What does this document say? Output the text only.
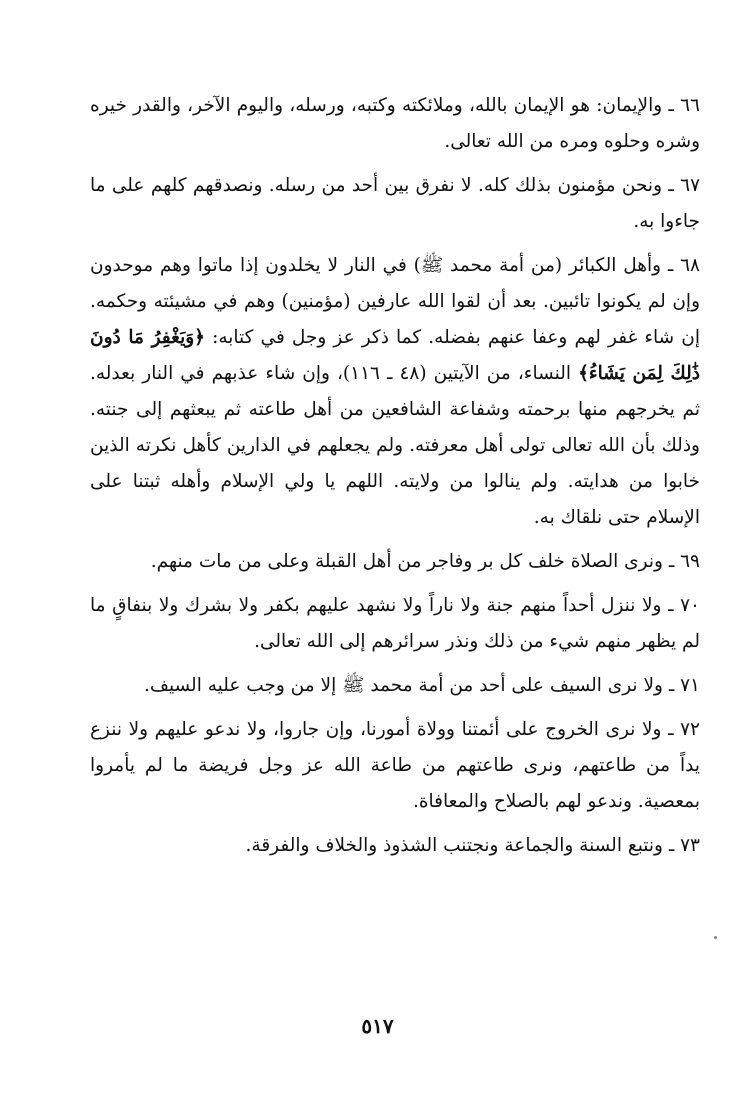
٦٦ ـ والإيمان: هو الإيمان بالله، وملائكته وكتبه، ورسله، واليوم الآخر، والقدر خيره وشره وحلوه ومره من الله تعالى.

٦٧ ـ ونحن مؤمنون بذلك كله. لا نفرق بين أحد من رسله. ونصدقهم كلهم على ما جاءوا به.

٦٨ ـ وأهل الكبائر (من أمة محمد ﷺ) في النار لا يخلدون إذا ماتوا وهم موحدون وإن لم يكونوا تائبين. بعد أن لقوا الله عارفين (مؤمنين) وهم في مشيئته وحكمه. إن شاء غفر لهم وعفا عنهم بفضله. كما ذكر عز وجل في كتابه: ﴿وَيَغْفِرُ مَا دُونَ ذَٰلِكَ لِمَن يَشَاءُ﴾ النساء، من الآيتين (٤٨ ـ ١١٦)، وإن شاء عذبهم في النار بعدله. ثم يخرجهم منها برحمته وشفاعة الشافعين من أهل طاعته ثم يبعثهم إلى جنته. وذلك بأن الله تعالى تولى أهل معرفته. ولم يجعلهم في الدارين كأهل نكرته الذين خابوا من هدايته. ولم ينالوا من ولايته. اللهم يا ولي الإسلام وأهله ثبتنا على الإسلام حتى نلقاك به.

٦٩ ـ ونرى الصلاة خلف كل بر وفاجر من أهل القبلة وعلى من مات منهم.

٧٠ ـ ولا ننزل أحداً منهم جنة ولا ناراً ولا نشهد عليهم بكفر ولا بشرك ولا بنفاقٍ ما لم يظهر منهم شيء من ذلك ونذر سرائرهم إلى الله تعالى.

٧١ ـ ولا نرى السيف على أحد من أمة محمد ﷺ إلا من وجب عليه السيف.

٧٢ ـ ولا نرى الخروج على أئمتنا وولاة أمورنا، وإن جاروا، ولا ندعو عليهم ولا ننزع يداً من طاعتهم، ونرى طاعتهم من طاعة الله عز وجل فريضة ما لم يأمروا بمعصية. وندعو لهم بالصلاح والمعافاة.

٧٣ ـ ونتبع السنة والجماعة ونجتنب الشذوذ والخلاف والفرقة.

٥١٧
